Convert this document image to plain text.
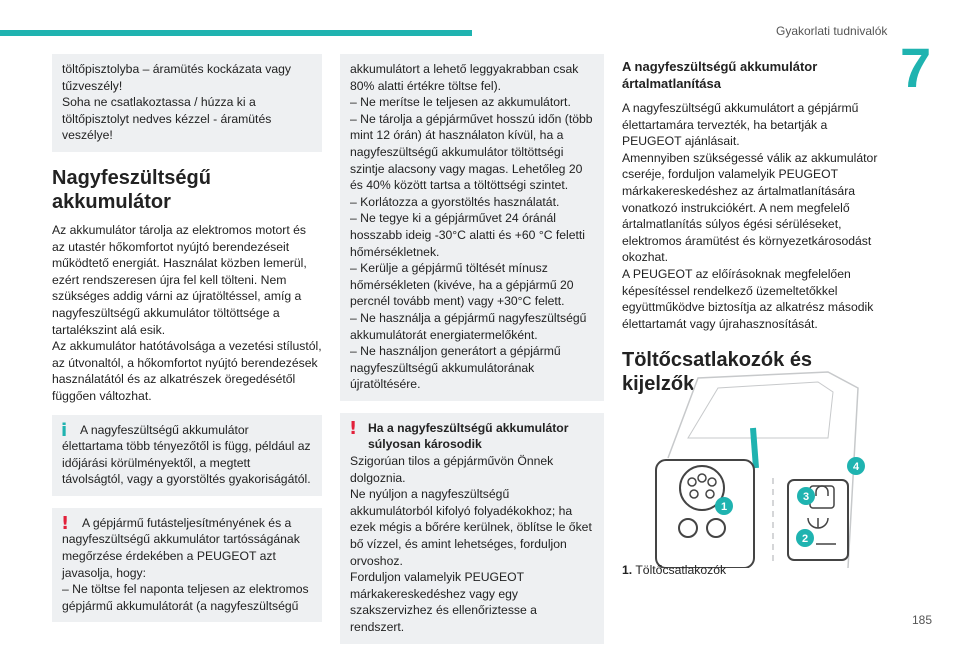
Gyakorlati tudnivalók
7

töltőpisztolyba – áramütés kockázata vagy tűzveszély!

Soha ne csatlakoztassa / húzza ki a töltőpisztolyt nedves kézzel - áramütés veszélye!

Nagyfeszültségű akkumulátor

Az akkumulátor tárolja az elektromos motort és az utastér hőkomfortot nyújtó berendezéseit működtető energiát. Használat közben lemerül, ezért rendszeresen újra fel kell tölteni. Nem szükséges addig várni az újratöltéssel, amíg a nagyfeszültségű akkumulátor töltöttsége a tartalékszint alá esik.

Az akkumulátor hatótávolsága a vezetési stílustól, az útvonaltól, a hőkomfortot nyújtó berendezések használatától és az alkatrészek öregedésétől függően változhat.

i	A nagyfeszültségű akkumulátor élettartama több tényezőtől is függ, például az időjárási körülményektől, a megtett távolságtól, vagy a gyorstöltés gyakoriságától.

!	A gépjármű futásteljesítményének és a nagyfeszültségű akkumulátor tartósságának megőrzése érdekében a PEUGEOT azt javasolja, hogy:

– Ne töltse fel naponta teljesen az elektromos gépjármű akkumulátorát (a nagyfeszültségű

akkumulátort a lehető leggyakrabban csak 80% alatti értékre töltse fel).

– Ne merítse le teljesen az akkumulátort.

– Ne tárolja a gépjárművet hosszú időn (több mint 12 órán) át használaton kívül, ha a nagyfeszültségű akkumulátor töltöttségi szintje alacsony vagy magas. Lehetőleg 20 és 40% között tartsa a töltöttségi szintet.

– Korlátozza a gyorstöltés használatát.

– Ne tegye ki a gépjárművet 24 óránál hosszabb ideig -30°C alatti és +60 °C feletti hőmérsékletnek.

– Kerülje a gépjármű töltését mínusz hőmérsékleten (kivéve, ha a gépjármű 20 percnél tovább ment) vagy +30°C felett.

– Ne használja a gépjármű nagyfeszültségű akkumulátorát energiatermelőként.

– Ne használjon generátort a gépjármű nagyfeszültségű akkumulátorának újratöltésére.

! Ha a nagyfeszültségű akkumulátor súlyosan károsodik

Szigorúan tilos a gépjárművön Önnek dolgoznia.

Ne nyúljon a nagyfeszültségű akkumulátorból kifolyó folyadékokhoz; ha ezek mégis a bőrére kerülnek, öblítse le őket bő vízzel, és amint lehetséges, forduljon orvoshoz.

Forduljon valamelyik PEUGEOT márkakereskedéshez vagy egy szakszervizhez és ellenőriztesse a rendszert.

A nagyfeszültségű akkumulátor ártalmatlanítása

A nagyfeszültségű akkumulátort a gépjármű élettartamára tervezték, ha betartják a PEUGEOT ajánlásait.

Amennyiben szükségessé válik az akkumulátor cseréje, forduljon valamelyik PEUGEOT márkakereskedéshez az ártalmatlanítására vonatkozó instrukciókért. A nem megfelelő ártalmatlanítás súlyos égési sérüléseket, elektromos áramütést és környezetkárosodást okozhat.

A PEUGEOT az előírásoknak megfelelően képesítéssel rendelkező üzemeltetőkkel együttműködve biztosítja az alkatrész második élettartamát vagy újrahasznosítását.

Töltőcsatlakozók és kijelzők
1
2
3
4
1. Töltőcsatlakozók
185
